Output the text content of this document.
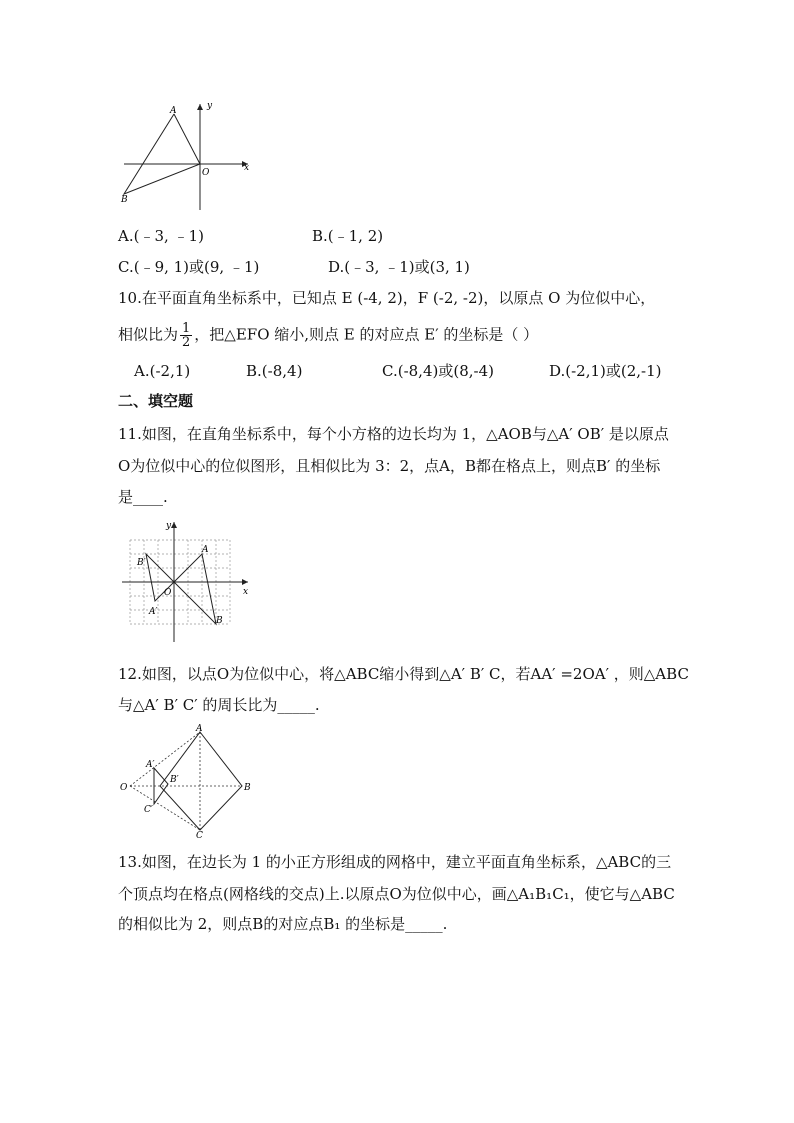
y
x
A
B
O
A.(﹣3, ﹣1)	B.(﹣1, 2)
C.(﹣9, 1)或(9, ﹣1)	D.(﹣3, ﹣1)或(3, 1)
10.在平面直角坐标系中，已知点 E (-4, 2)，F (-2, -2)，以原点 O 为位似中心，
相似比为 $\frac{1}{2}$ ，把△EFO 缩小,则点 E 的对应点 E′ 的坐标是（ ）
A.(-2,1)	B.(-8,4)	C.(-8,4)或(8,-4)	D.(-2,1)或(2,-1)
二、填空题
11.如图，在直角坐标系中，每个小方格的边长均为 1，△AOB与△A′ OB′ 是以原点
O为位似中心的位似图形，且相似比为 3：2，点A，B都在格点上，则点B′ 的坐标
是____.
y
x
A
B
O
A′
B′
12.如图，以点O为位似中心，将△ABC缩小得到△A′ B′ C，若AA′ =2OA′ ，则△ABC
与△A′ B′ C′ 的周长比为_____.
O
A
B
C
A′
B′
C′
13.如图，在边长为 1 的小正方形组成的网格中，建立平面直角坐标系，△ABC的三
个顶点均在格点(网格线的交点)上.以原点O为位似中心，画△A₁B₁C₁，使它与△ABC
的相似比为 2，则点B的对应点B₁ 的坐标是_____.
